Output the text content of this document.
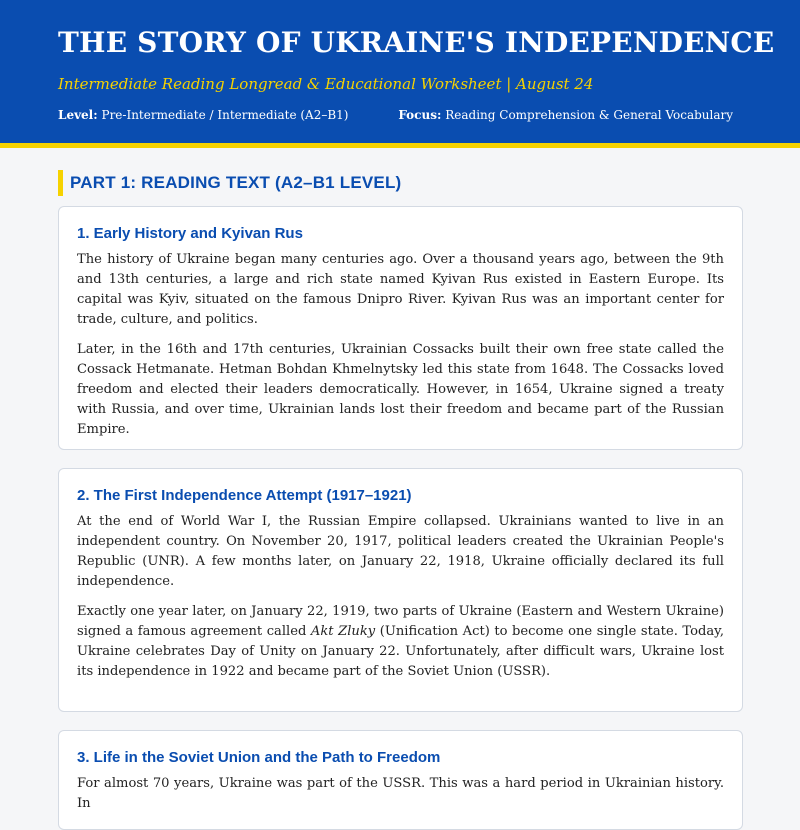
THE STORY OF UKRAINE'S INDEPENDENCE
Intermediate Reading Longread & Educational Worksheet | August 24
Level: Pre-Intermediate / Intermediate (A2–B1)	Focus: Reading Comprehension & General Vocabulary
PART 1: READING TEXT (A2–B1 LEVEL)
1. Early History and Kyivan Rus

The history of Ukraine began many centuries ago. Over a thousand years ago, between the 9th and 13th centuries, a large and rich state named Kyivan Rus existed in Eastern Europe. Its capital was Kyiv, situated on the famous Dnipro River. Kyivan Rus was an important center for trade, culture, and politics.

Later, in the 16th and 17th centuries, Ukrainian Cossacks built their own free state called the Cossack Hetmanate. Hetman Bohdan Khmelnytsky led this state from 1648. The Cossacks loved freedom and elected their leaders democratically. However, in 1654, Ukraine signed a treaty with Russia, and over time, Ukrainian lands lost their freedom and became part of the Russian Empire.

2. The First Independence Attempt (1917–1921)

At the end of World War I, the Russian Empire collapsed. Ukrainians wanted to live in an independent country. On November 20, 1917, political leaders created the Ukrainian People's Republic (UNR). A few months later, on January 22, 1918, Ukraine officially declared its full independence.

Exactly one year later, on January 22, 1919, two parts of Ukraine (Eastern and Western Ukraine) signed a famous agreement called Akt Zluky (Unification Act) to become one single state. Today, Ukraine celebrates Day of Unity on January 22. Unfortunately, after difficult wars, Ukraine lost its independence in 1922 and became part of the Soviet Union (USSR).

3. Life in the Soviet Union and the Path to Freedom

For almost 70 years, Ukraine was part of the USSR. This was a hard period in Ukrainian history. In
